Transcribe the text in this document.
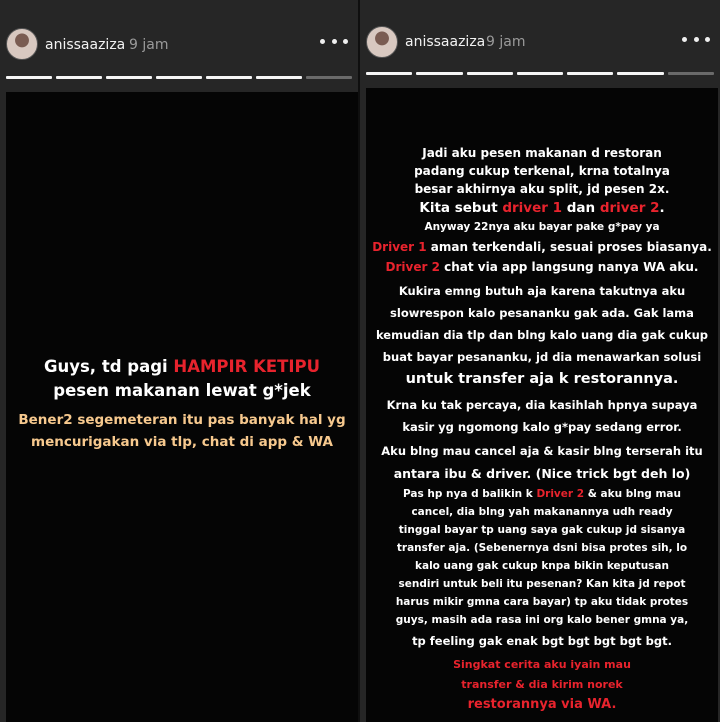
anissaaziza 9 jam
Guys, td pagi HAMPIR KETIPU
pesen makanan lewat g*jek
Bener2 segemeteran itu pas banyak hal yg
mencurigakan via tlp, chat di app & WA
anissaaziza 9 jam
Jadi aku pesen makanan d restoran
padang cukup terkenal, krna totalnya
besar akhirnya aku split, jd pesen 2x.
Kita sebut driver 1 dan driver 2.
Anyway 22nya aku bayar pake g*pay ya
Driver 1 aman terkendali, sesuai proses biasanya.
Driver 2 chat via app langsung nanya WA aku.
Kukira emng butuh aja karena takutnya aku
slowrespon kalo pesananku gak ada. Gak lama
kemudian dia tlp dan blng kalo uang dia gak cukup
buat bayar pesananku, jd dia menawarkan solusi
untuk transfer aja k restorannya.
Krna ku tak percaya, dia kasihlah hpnya supaya
kasir yg ngomong kalo g*pay sedang error.
Aku blng mau cancel aja & kasir blng terserah itu
antara ibu & driver. (Nice trick bgt deh lo)
Pas hp nya d balikin k Driver 2 & aku blng mau
cancel, dia blng yah makanannya udh ready
tinggal bayar tp uang saya gak cukup jd sisanya
transfer aja. (Sebenernya dsni bisa protes sih, lo
kalo uang gak cukup knpa bikin keputusan
sendiri untuk beli itu pesenan? Kan kita jd repot
harus mikir gmna cara bayar) tp aku tidak protes
guys, masih ada rasa ini org kalo bener gmna ya,
tp feeling gak enak bgt bgt bgt bgt bgt.
Singkat cerita aku iyain mau
transfer & dia kirim norek
restorannya via WA.
